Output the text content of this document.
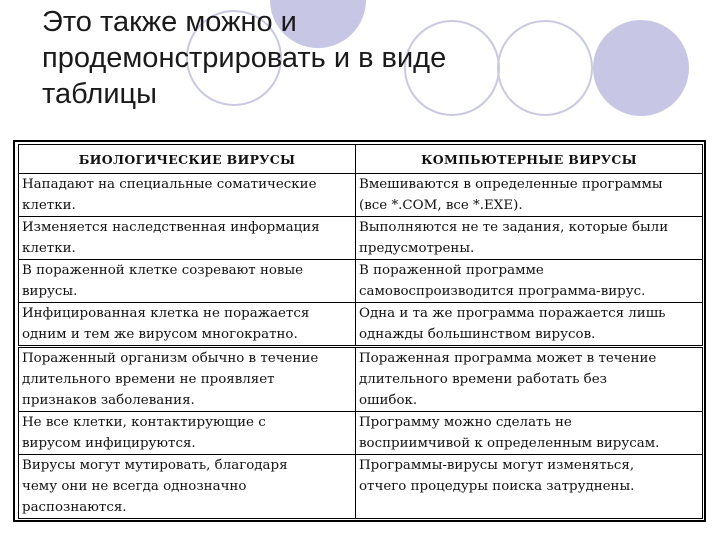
Это также можно и
продемонстрировать и в виде
таблицы
БИОЛОГИЧЕСКИЕ ВИРУСЫ	КОМПЬЮТЕРНЫЕ ВИРУСЫ

Нападают на специальные соматические
клетки.	Вмешиваются в определенные программы
(все *.COM, все *.EXE).

Изменяется наследственная информация
клетки.	Выполняются не те задания, которые были
предусмотрены.

В пораженной клетке созревают новые
вирусы.	В пораженной программе
самовоспроизводится программа-вирус.

Инфицированная клетка не поражается
одним и тем же вирусом многократно.	Одна и та же программа поражается лишь
однажды большинством вирусов.

Пораженный организм обычно в течение
длительного времени не проявляет
признаков заболевания.	Пораженная программа может в течение
длительного времени работать без
ошибок.

Не все клетки, контактирующие с
вирусом инфицируются.	Программу можно сделать не
восприимчивой к определенным вирусам.

Вирусы могут мутировать, благодаря
чему они не всегда однозначно
распознаются.	Программы-вирусы могут изменяться,
отчего процедуры поиска затруднены.
